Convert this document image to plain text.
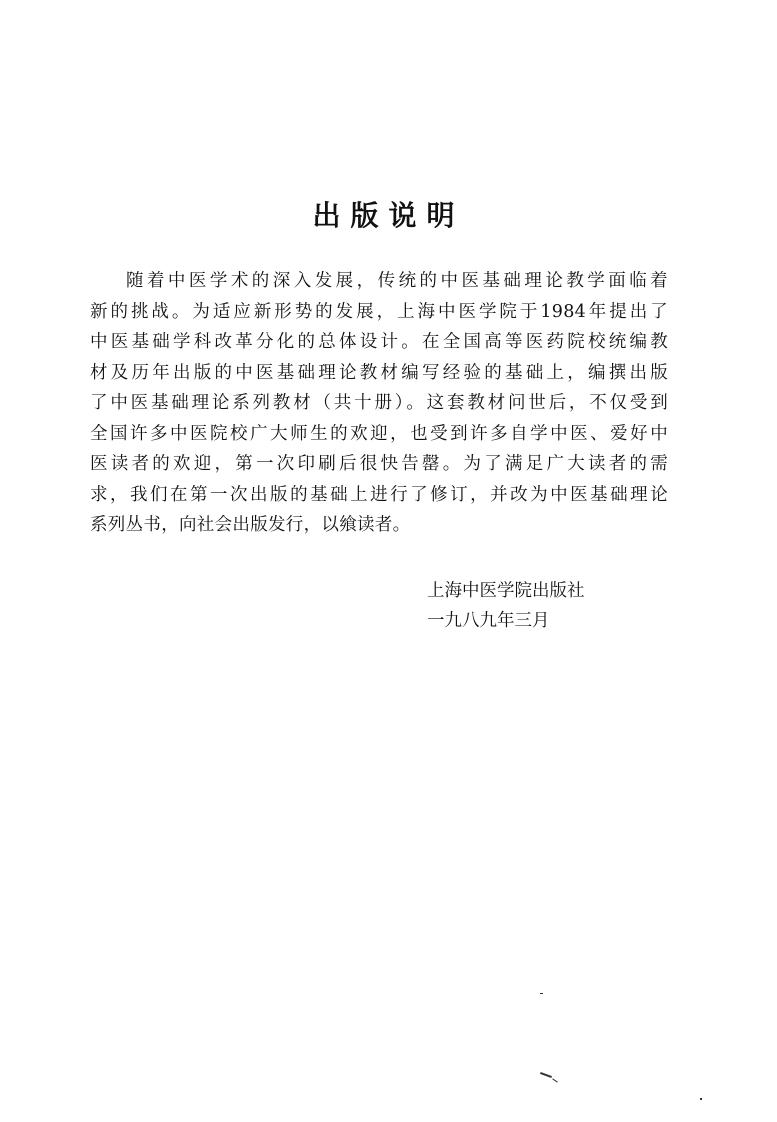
出版说明
随着中医学术的深入发展，传统的中医基础理论教学面临着
新的挑战。为适应新形势的发展，上海中医学院于1984年提出了
中医基础学科改革分化的总体设计。在全国高等医药院校统编教
材及历年出版的中医基础理论教材编写经验的基础上，编撰出版
了中医基础理论系列教材（共十册）。这套教材问世后，不仅受到
全国许多中医院校广大师生的欢迎，也受到许多自学中医、爱好中
医读者的欢迎，第一次印刷后很快告罄。为了满足广大读者的需
求，我们在第一次出版的基础上进行了修订，并改为中医基础理论
系列丛书，向社会出版发行，以飨读者。
上海中医学院出版社
一九八九年三月
